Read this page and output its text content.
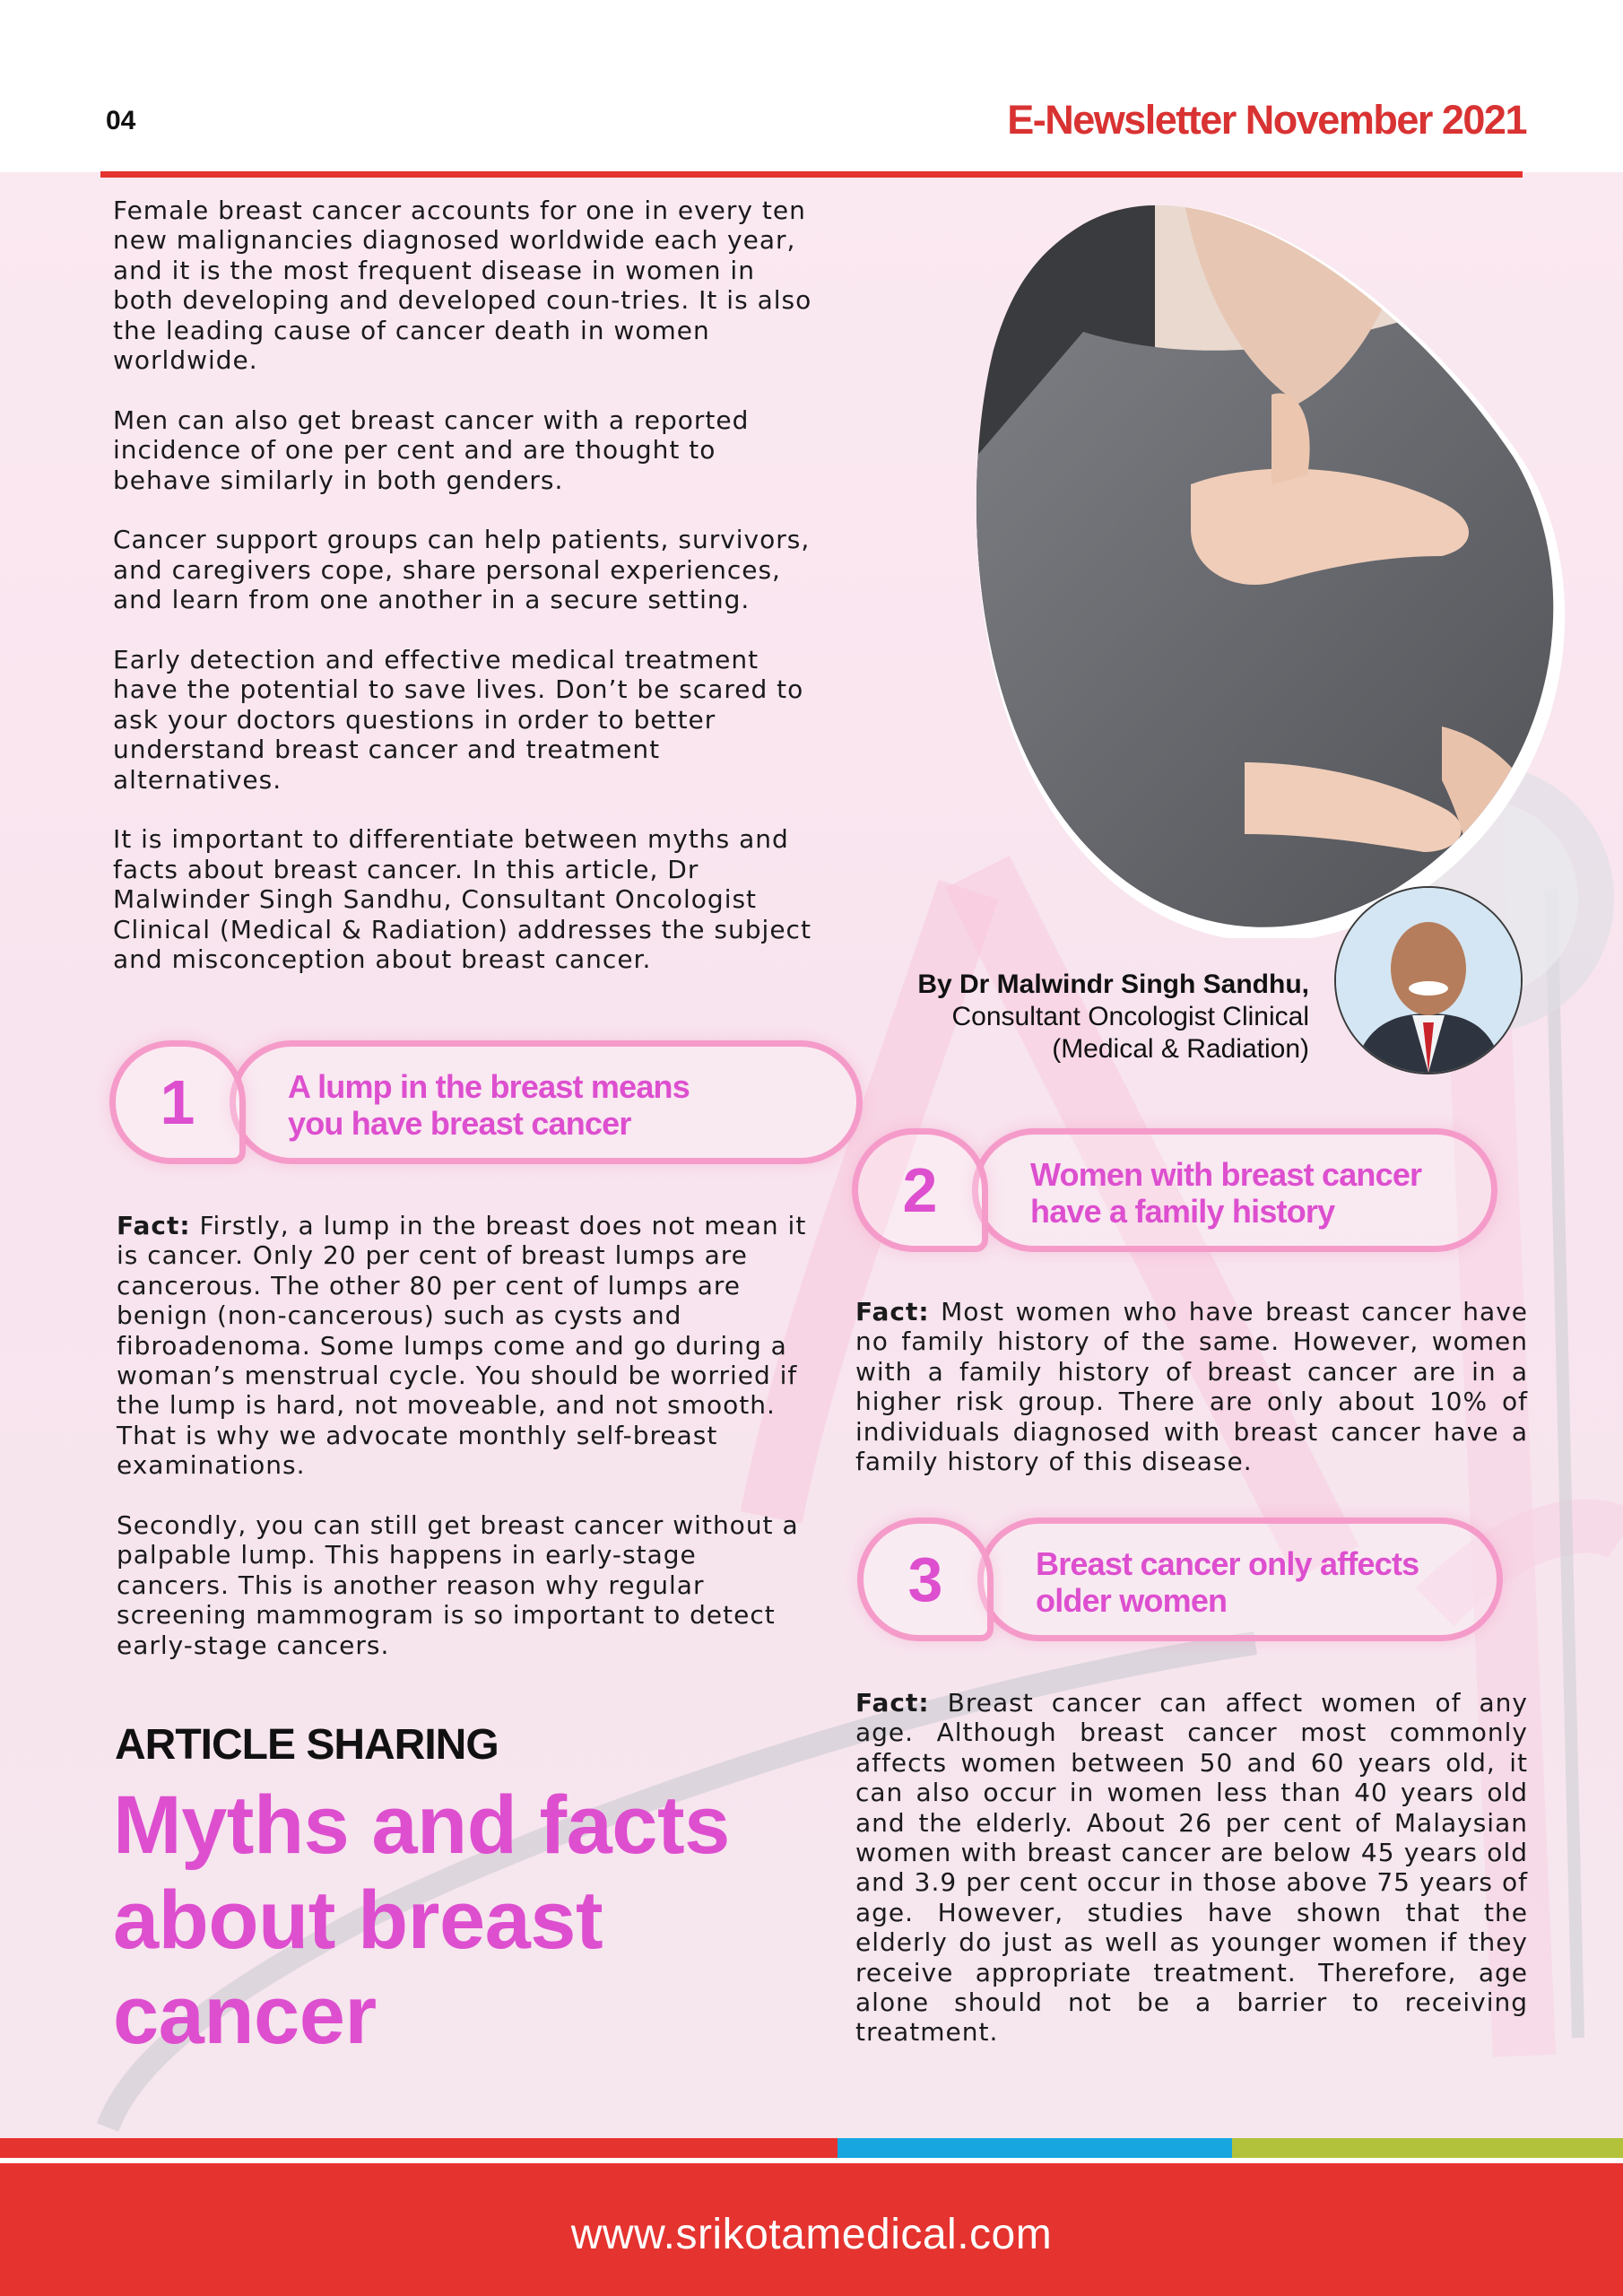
04	E-Newsletter November 2021

Female breast cancer accounts for one in every ten new malignancies diagnosed worldwide each year, and it is the most frequent disease in women in both developing and developed coun-tries. It is also the leading cause of cancer death in women worldwide.

Men can also get breast cancer with a reported incidence of one per cent and are thought to behave similarly in both genders.

Cancer support groups can help patients, survivors, and caregivers cope, share personal experiences, and learn from one another in a secure setting.

Early detection and effective medical treatment have the potential to save lives. Don’t be scared to ask your doctors questions in order to better understand breast cancer and treatment alternatives.

It is important to differentiate between myths and facts about breast cancer. In this article, Dr Malwinder Singh Sandhu, Consultant Oncologist Clinical (Medical & Radiation) addresses the subject and misconception about breast cancer.

By Dr Malwindr Singh Sandhu,
Consultant Oncologist Clinical
(Medical & Radiation)
A lump in the breast means
you have breast cancer
1

Fact: Firstly, a lump in the breast does not mean it is cancer. Only 20 per cent of breast lumps are cancerous. The other 80 per cent of lumps are benign (non-cancerous) such as cysts and fibroadenoma. Some lumps come and go during a woman’s menstrual cycle. You should be worried if the lump is hard, not moveable, and not smooth. That is why we advocate monthly self-breast examinations.

Secondly, you can still get breast cancer without a palpable lump. This happens in early-stage cancers. This is another reason why regular screening mammogram is so important to detect early-stage cancers.

Women with breast cancer
have a family history
2

Fact: Most women who have breast cancer have no family history of the same. However, women with a family history of breast cancer are in a higher risk group. There are only about 10% of individuals diagnosed with breast cancer have a family history of this disease.

Breast cancer only affects
older women
3

Fact: Breast cancer can affect women of any age. Although breast cancer most commonly affects women between 50 and 60 years old, it can also occur in women less than 40 years old and the elderly. About 26 per cent of Malaysian women with breast cancer are below 45 years old and 3.9 per cent occur in those above 75 years of age. However, studies have shown that the elderly do just as well as younger women if they receive appropriate treatment. Therefore, age alone should not be a barrier to receiving treatment.

ARTICLE SHARING
Myths and facts
about breast
cancer
www.srikotamedical.com
